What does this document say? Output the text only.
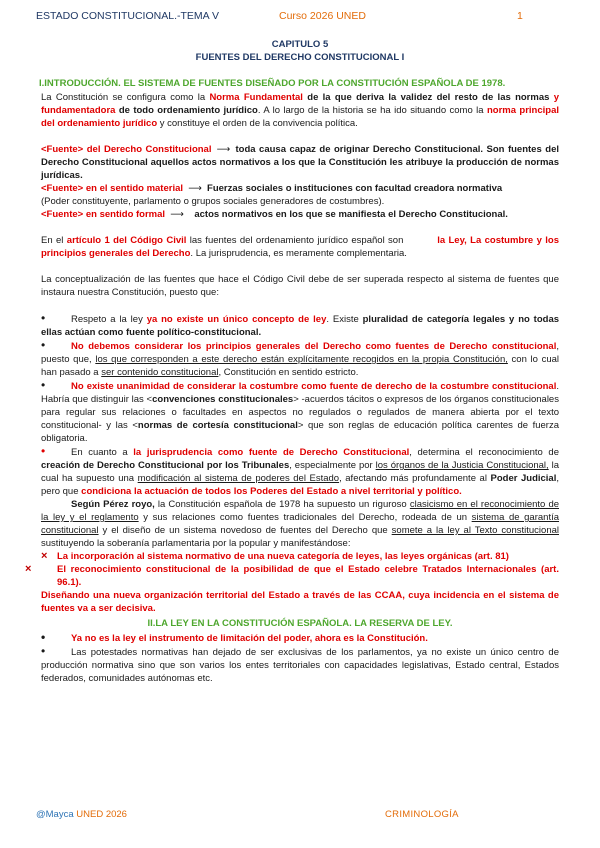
ESTADO CONSTITUCIONAL.-TEMA V	Curso 2026 UNED	1
CAPITULO 5
FUENTES DEL DERECHO CONSTITUCIONAL I
I.INTRODUCCIÓN. EL SISTEMA DE FUENTES DISEÑADO POR LA CONSTITUCIÓN ESPAÑOLA DE 1978.

La Constitución se configura como la Norma Fundamental de la que deriva la validez del resto de las normas y fundamentadora de todo ordenamiento jurídico. A lo largo de la historia se ha ido situando como la norma principal del ordenamiento jurídico y constituye el orden de la convivencia política.

<Fuente> del Derecho Constitucional ⟶	toda causa capaz de originar Derecho Constitucional. Son fuentes del Derecho Constitucional aquellos actos normativos a los que la Constitución les atribuye la producción de normas jurídicas.

<Fuente> en el sentido material ⟶	Fuerzas sociales o instituciones con facultad creadora normativa

(Poder constituyente, parlamento o grupos sociales generadores de costumbres).

<Fuente> en sentido formal ⟶	actos normativos en los que se manifiesta el Derecho Constitucional.

En el artículo 1 del Código Civil las fuentes del ordenamiento jurídico español son	la Ley, La costumbre y los principios generales del Derecho. La jurisprudencia, es meramente complementaria.

La conceptualización de las fuentes que hace el Código Civil debe de ser superada respecto al sistema de fuentes que instaura nuestra Constitución, puesto que:

•Respeto a la ley ya no existe un único concepto de ley. Existe pluralidad de categoría legales y no todas ellas actúan como fuente político-constitucional.

•No debemos considerar los principios generales del Derecho como fuentes de Derecho constitucional, puesto que, los que corresponden a este derecho están explícitamente recogidos en la propia Constitución, con lo cual han pasado a ser contenido constitucional, Constitución en sentido estricto.

•No existe unanimidad de considerar la costumbre como fuente de derecho de la costumbre constitucional. Habría que distinguir las <convenciones constitucionales> -acuerdos tácitos o expresos de los órganos constitucionales para regular sus relaciones o facultades en aspectos no regulados o regulados de manera abierta por el texto constitucional- y las <normas de cortesía constitucional> que son reglas de educación política carentes de fuerza obligatoria.

•En cuanto a la jurisprudencia como fuente de Derecho Constitucional, determina el reconocimiento de creación de Derecho Constitucional por los Tribunales, especialmente por los órganos de la Justicia Constitucional, la cual ha supuesto una modificación al sistema de poderes del Estado, afectando más profundamente al Poder Judicial, pero que condiciona la actuación de todos los Poderes del Estado a nivel territorial y político.

Según Pérez royo, la Constitución española de 1978 ha supuesto un riguroso clasicismo en el reconocimiento de la ley y el reglamento y sus relaciones como fuentes tradicionales del Derecho, rodeada de un sistema de garantía constitucional y el diseño de un sistema novedoso de fuentes del Derecho que somete a la ley al Texto constitucional sustituyendo la soberanía parlamentaria por la popular y manifestándose:

×La incorporación al sistema normativo de una nueva categoría de leyes, las leyes orgánicas (art. 81)

×El reconocimiento constitucional de la posibilidad de que el Estado celebre Tratados Internacionales (art. 96.1).

Diseñando una nueva organización territorial del Estado a través de las CCAA, cuya incidencia en el sistema de fuentes va a ser decisiva.

II.LA LEY EN LA CONSTITUCIÓN ESPAÑOLA. LA RESERVA DE LEY.

•Ya no es la ley el instrumento de limitación del poder, ahora es la Constitución.

•Las potestades normativas han dejado de ser exclusivas de los parlamentos, ya no existe un único centro de producción normativa sino que son varios los entes territoriales con capacidades legislativas, Estado central, Estados federados, comunidades autónomas etc.

@Mayca UNED 2026	CRIMINOLOGÍA
